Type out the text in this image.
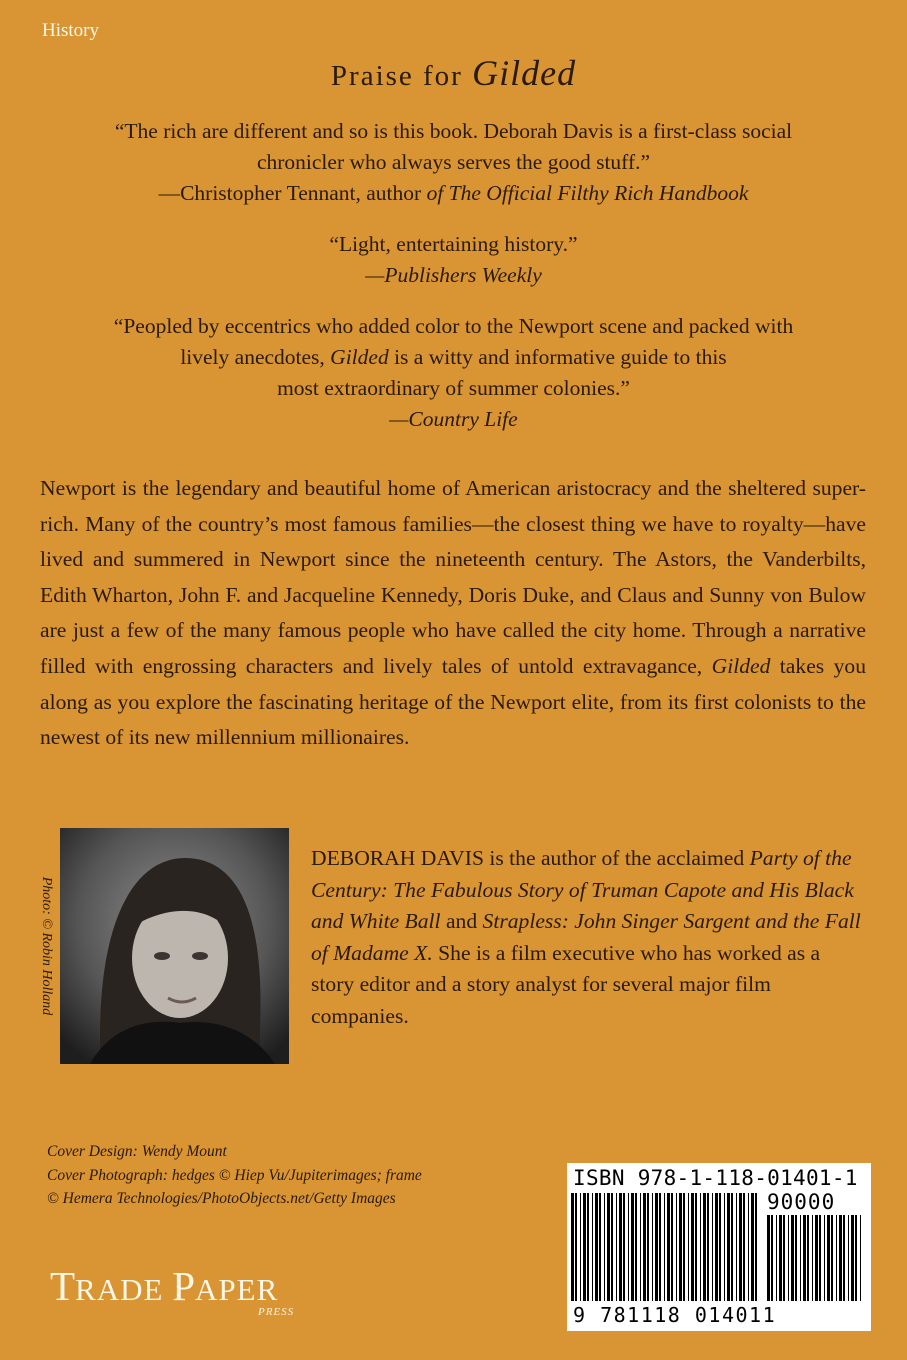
History
Praise for Gilded
“The rich are different and so is this book. Deborah Davis is a first-class social
chronicler who always serves the good stuff.”
—Christopher Tennant, author of The Official Filthy Rich Handbook
“Light, entertaining history.”
—Publishers Weekly
“Peopled by eccentrics who added color to the Newport scene and packed with
lively anecdotes, Gilded is a witty and informative guide to this
most extraordinary of summer colonies.”
—Country Life
Newport is the legendary and beautiful home of American aristocracy and the sheltered super-rich. Many of the country’s most famous families—the closest thing we have to royalty—have lived and summered in Newport since the nineteenth century. The Astors, the Vanderbilts, Edith Wharton, John F. and Jacqueline Kennedy, Doris Duke, and Claus and Sunny von Bulow are just a few of the many famous people who have called the city home. Through a narrative filled with engrossing characters and lively tales of untold extravagance, Gilded takes you along as you explore the fascinating heritage of the Newport elite, from its first colonists to the newest of its new millennium millionaires.
Photo: © Robin Holland
DEBORAH DAVIS is the author of the acclaimed Party of the Century: The Fabulous Story of Truman Capote and His Black and White Ball and Strapless: John Singer Sargent and the Fall of Madame X. She is a film executive who has worked as a story editor and a story analyst for several major film companies.
Cover Design: Wendy Mount
Cover Photograph: hedges © Hiep Vu/Jupiterimages; frame
© Hemera Technologies/PhotoObjects.net/Getty Images
ISBN 978-1-118-01401-1
90000
9 781118 014011
TRADE PAPER
PRESS
